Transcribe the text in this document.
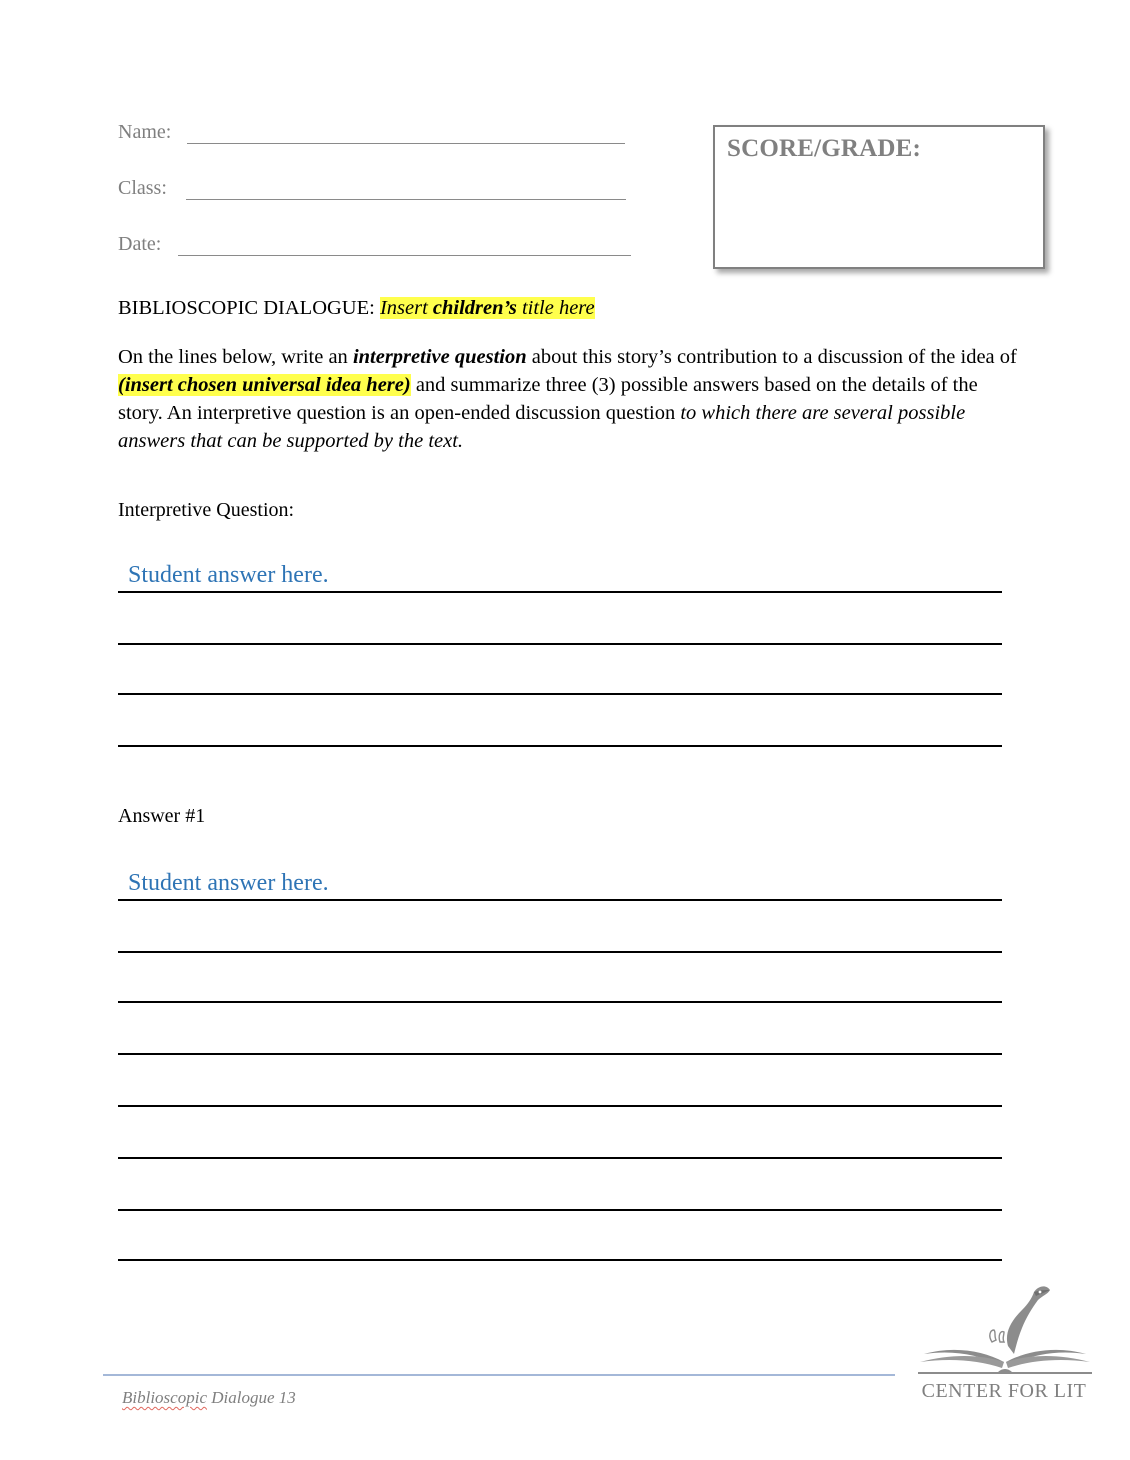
Name:
Class:
Date:
SCORE/GRADE:
BIBLIOSCOPIC DIALOGUE: Insert children’s title here
On the lines below, write an interpretive question about this story’s contribution to a discussion of the idea of (insert chosen universal idea here) and summarize three (3) possible answers based on the details of the story. An interpretive question is an open-ended discussion question to which there are several possible answers that can be supported by the text.
Interpretive Question:
Student answer here.
Answer #1
Student answer here.
Biblioscopic Dialogue 13	CENTER FOR LIT
